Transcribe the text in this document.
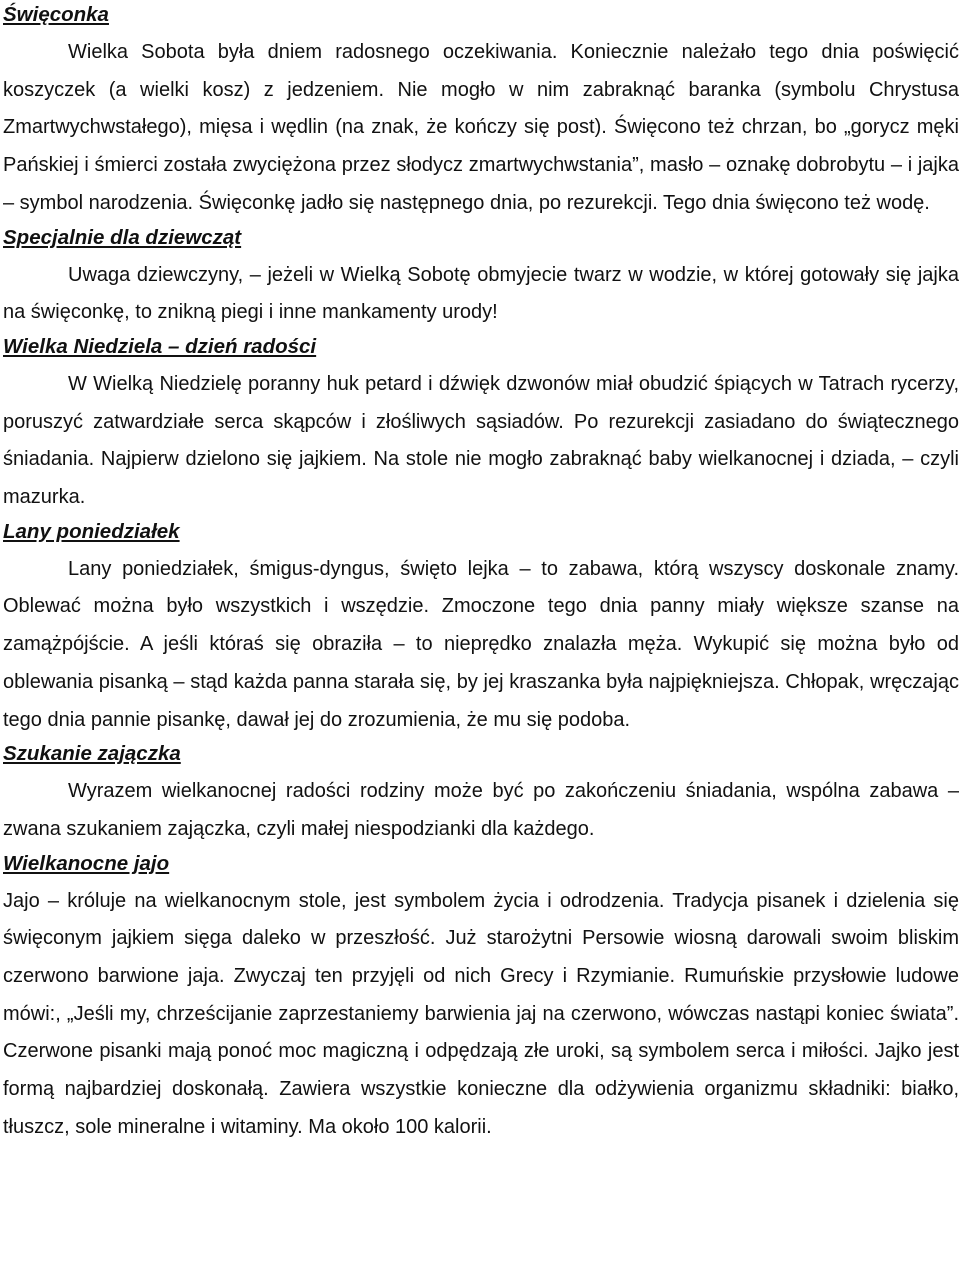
Święconka

Wielka Sobota była dniem radosnego oczekiwania. Koniecznie należało tego dnia poświęcić koszyczek (a wielki kosz) z jedzeniem. Nie mogło w nim zabraknąć baranka (symbolu Chrystusa Zmartwychwstałego), mięsa i wędlin (na znak, że kończy się post). Święcono też chrzan, bo „gorycz męki Pańskiej i śmierci została zwyciężona przez słodycz zmartwychwstania”, masło – oznakę dobrobytu – i jajka – symbol narodzenia. Święconkę jadło się następnego dnia, po rezurekcji. Tego dnia święcono też wodę.

Specjalnie dla dziewcząt

Uwaga dziewczyny, – jeżeli w Wielką Sobotę obmyjecie twarz w wodzie, w której gotowały się jajka na święconkę, to znikną piegi i inne mankamenty urody!

Wielka Niedziela – dzień radości

W Wielką Niedzielę poranny huk petard i dźwięk dzwonów miał obudzić śpiących w Tatrach rycerzy, poruszyć zatwardziałe serca skąpców i złośliwych sąsiadów. Po rezurekcji zasiadano do świątecznego śniadania. Najpierw dzielono się jajkiem. Na stole nie mogło zabraknąć baby wielkanocnej i dziada, – czyli mazurka.

Lany poniedziałek

Lany poniedziałek, śmigus-dyngus, święto lejka – to zabawa, którą wszyscy doskonale znamy. Oblewać można było wszystkich i wszędzie. Zmoczone tego dnia panny miały większe szanse na zamążpójście. A jeśli któraś się obraziła – to nieprędko znalazła męża. Wykupić się można było od oblewania pisanką – stąd każda panna starała się, by jej kraszanka była najpiękniejsza. Chłopak, wręczając tego dnia pannie pisankę, dawał jej do zrozumienia, że mu się podoba.

Szukanie zajączka

Wyrazem wielkanocnej radości rodziny może być po zakończeniu śniadania, wspólna zabawa – zwana szukaniem zajączka, czyli małej niespodzianki dla każdego.

Wielkanocne jajo

Jajo – króluje na wielkanocnym stole, jest symbolem życia i odrodzenia. Tradycja pisanek i dzielenia się święconym jajkiem sięga daleko w przeszłość. Już starożytni Persowie wiosną darowali swoim bliskim czerwono barwione jaja. Zwyczaj ten przyjęli od nich Grecy i Rzymianie. Rumuńskie przysłowie ludowe mówi:, „Jeśli my, chrześcijanie zaprzestaniemy barwienia jaj na czerwono, wówczas nastąpi koniec świata”. Czerwone pisanki mają ponoć moc magiczną i odpędzają złe uroki, są symbolem serca i miłości. Jajko jest formą najbardziej doskonałą. Zawiera wszystkie konieczne dla odżywienia organizmu składniki: białko, tłuszcz, sole mineralne i witaminy. Ma około 100 kalorii.
